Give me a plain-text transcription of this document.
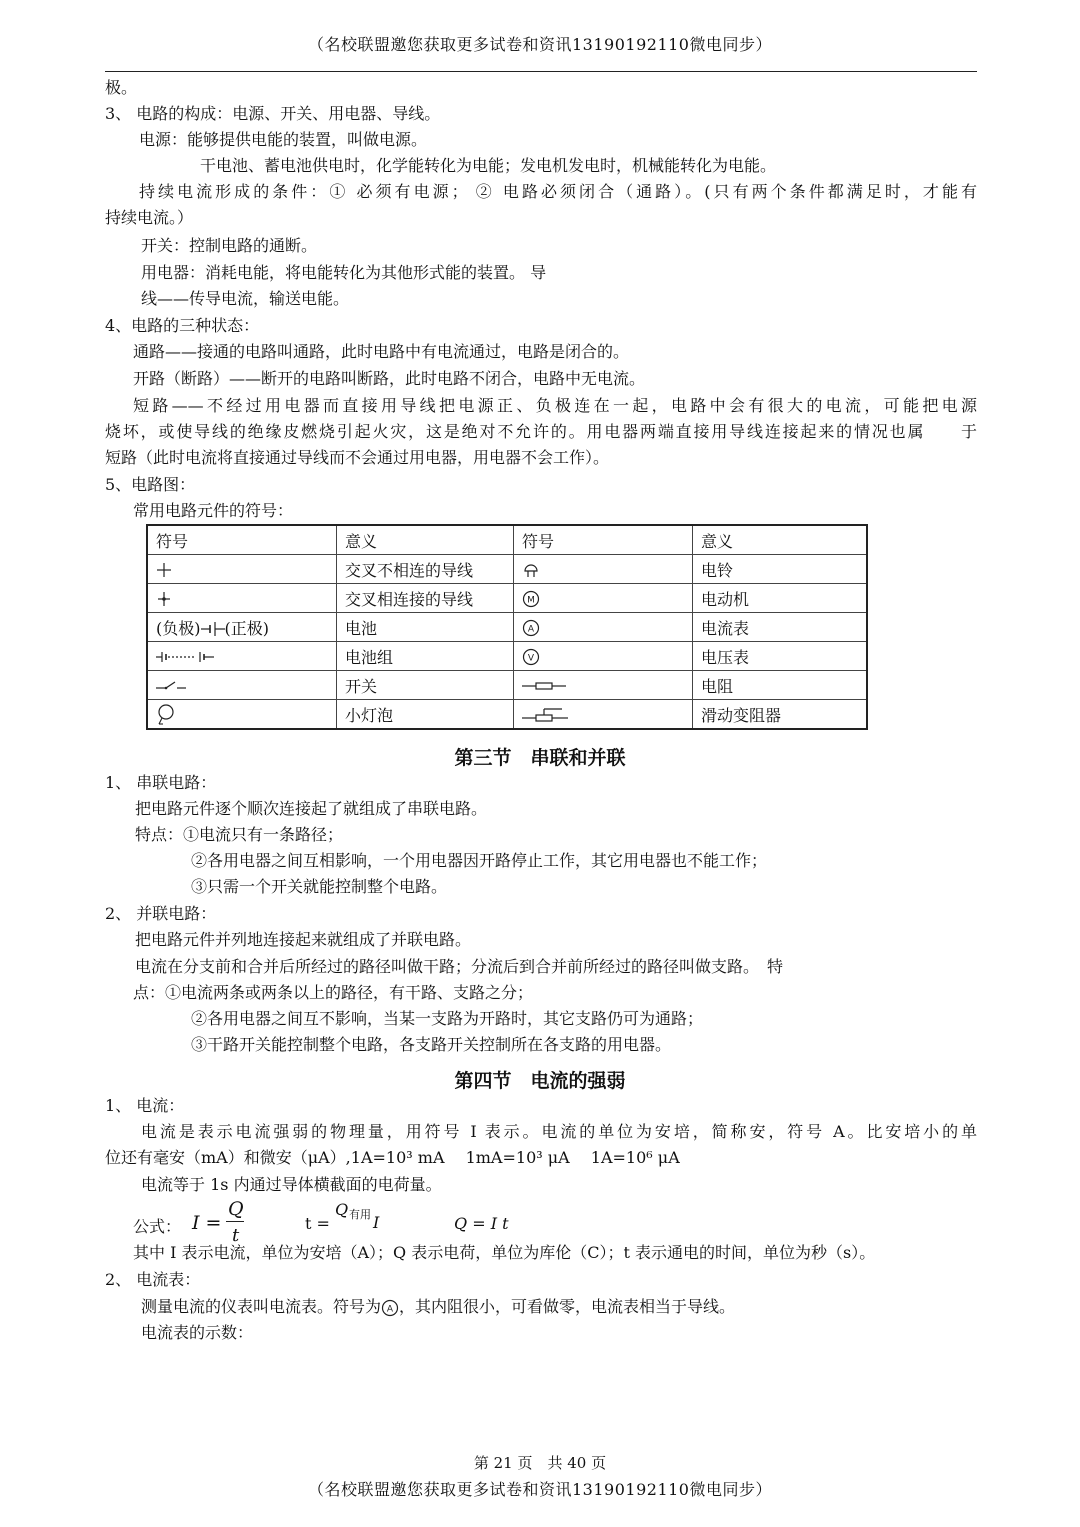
（名校联盟邀您获取更多试卷和资讯13190192110微电同步）
极。
3、 电路的构成：电源、开关、用电器、导线。
电源：能够提供电能的装置，叫做电源。
干电池、蓄电池供电时，化学能转化为电能；发电机发电时，机械能转化为电能。
持续电流形成的条件：① 必须有电源； ② 电路必须闭合（通路）。(只有两个条件都满足时，才能有
持续电流。）
开关：控制电路的通断。
用电器：消耗电能，将电能转化为其他形式能的装置。 导
线——传导电流，输送电能。
4、电路的三种状态：
通路——接通的电路叫通路，此时电路中有电流通过，电路是闭合的。
开路（断路）——断开的电路叫断路，此时电路不闭合，电路中无电流。
短路——不经过用电器而直接用导线把电源正、负极连在一起，电路中会有很大的电流，可能把电源
烧坏，或使导线的绝缘皮燃烧引起火灾，这是绝对不允许的。用电器两端直接用导线连接起来的情况也属　　于
短路（此时电流将直接通过导线而不会通过用电器，用电器不会工作）。
5、电路图：
常用电路元件的符号：
符号	意义	符号	意义

	交叉不相连的导线		电铃

	交叉相连接的导线	M	电动机
(负极) (正极)	电池	A	电流表

	电池组	V	电压表

	开关		电阻

	小灯泡		滑动变阻器
第三节　串联和并联
1、 串联电路：
把电路元件逐个顺次连接起了就组成了串联电路。
特点：①电流只有一条路径；
②各用电器之间互相影响，一个用电器因开路停止工作，其它用电器也不能工作；
③只需一个开关就能控制整个电路。
2、 并联电路：
把电路元件并列地连接起来就组成了并联电路。
电流在分支前和合并后所经过的路径叫做干路；分流后到合并前所经过的路径叫做支路。　特
点：①电流两条或两条以上的路径，有干路、支路之分；
②各用电器之间互不影响，当某一支路为开路时，其它支路仍可为通路；
③干路开关能控制整个电路，各支路开关控制所在各支路的用电器。
第四节　电流的强弱
1、 电流：
电流是表示电流强弱的物理量，用符号 I 表示。电流的单位为安培，简称安，符号 A。比安培小的单
位还有毫安（mA）和微安（μA）,1A=10³ mA　 1mA=10³ μA　 1A=10⁶ μA
电流等于 1s 内通过导体横截面的电荷量。
公式： I =
Q
t
t =
Q 有用 I	Q = I t
其中 I 表示电流，单位为安培（A）；Q 表示电荷，单位为库伦（C）；t 表示通电的时间，单位为秒（s）。
2、 电流表：
测量电流的仪表叫电流表。符号为 A ，其内阻很小，可看做零，电流表相当于导线。
电流表的示数：
第 21 页　共 40 页
（名校联盟邀您获取更多试卷和资讯13190192110微电同步）
